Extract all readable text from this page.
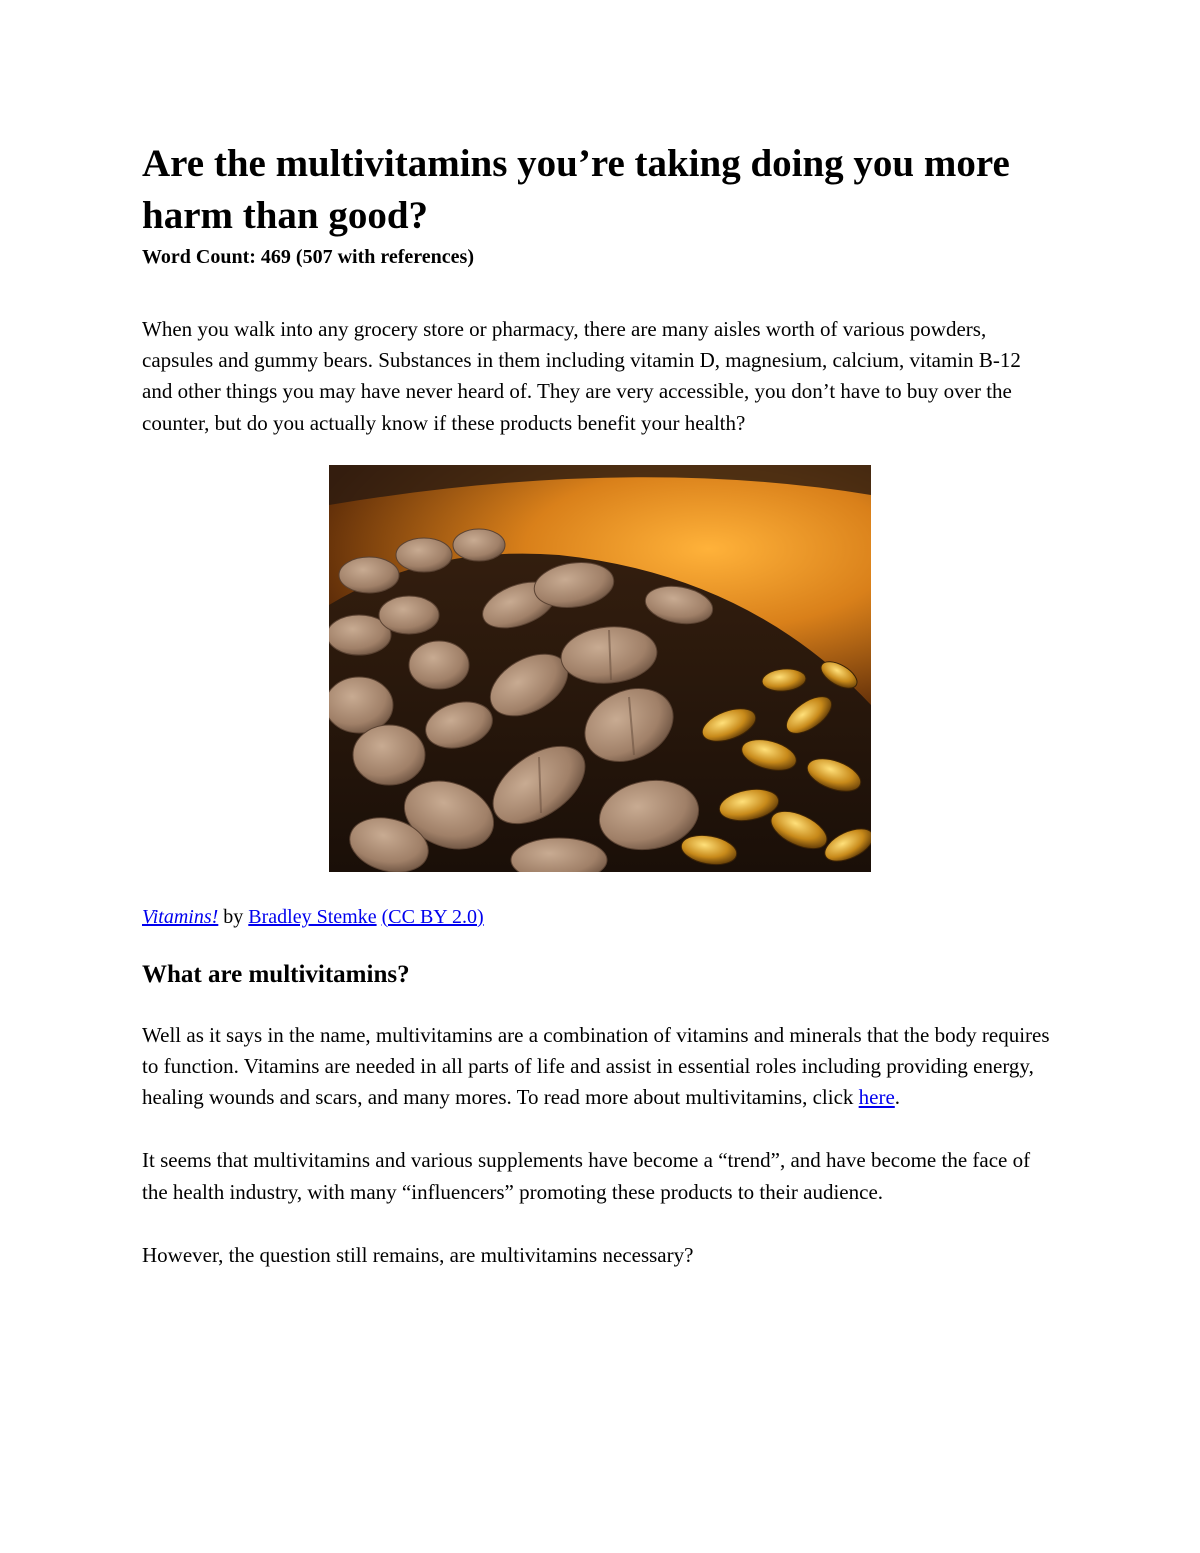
Are the multivitamins you’re taking doing you more harm than good?

Word Count: 469 (507 with references)

When you walk into any grocery store or pharmacy, there are many aisles worth of various powders, capsules and gummy bears. Substances in them including vitamin D, magnesium, calcium, vitamin B-12 and other things you may have never heard of. They are very accessible, you don’t have to buy over the counter, but do you actually know if these products benefit your health?

Vitamins! by Bradley Stemke (CC BY 2.0)

What are multivitamins?

Well as it says in the name, multivitamins are a combination of vitamins and minerals that the body requires to function. Vitamins are needed in all parts of life and assist in essential roles including providing energy, healing wounds and scars, and many mores. To read more about multivitamins, click here.

It seems that multivitamins and various supplements have become a “trend”, and have become the face of the health industry, with many “influencers” promoting these products to their audience.

However, the question still remains, are multivitamins necessary?
